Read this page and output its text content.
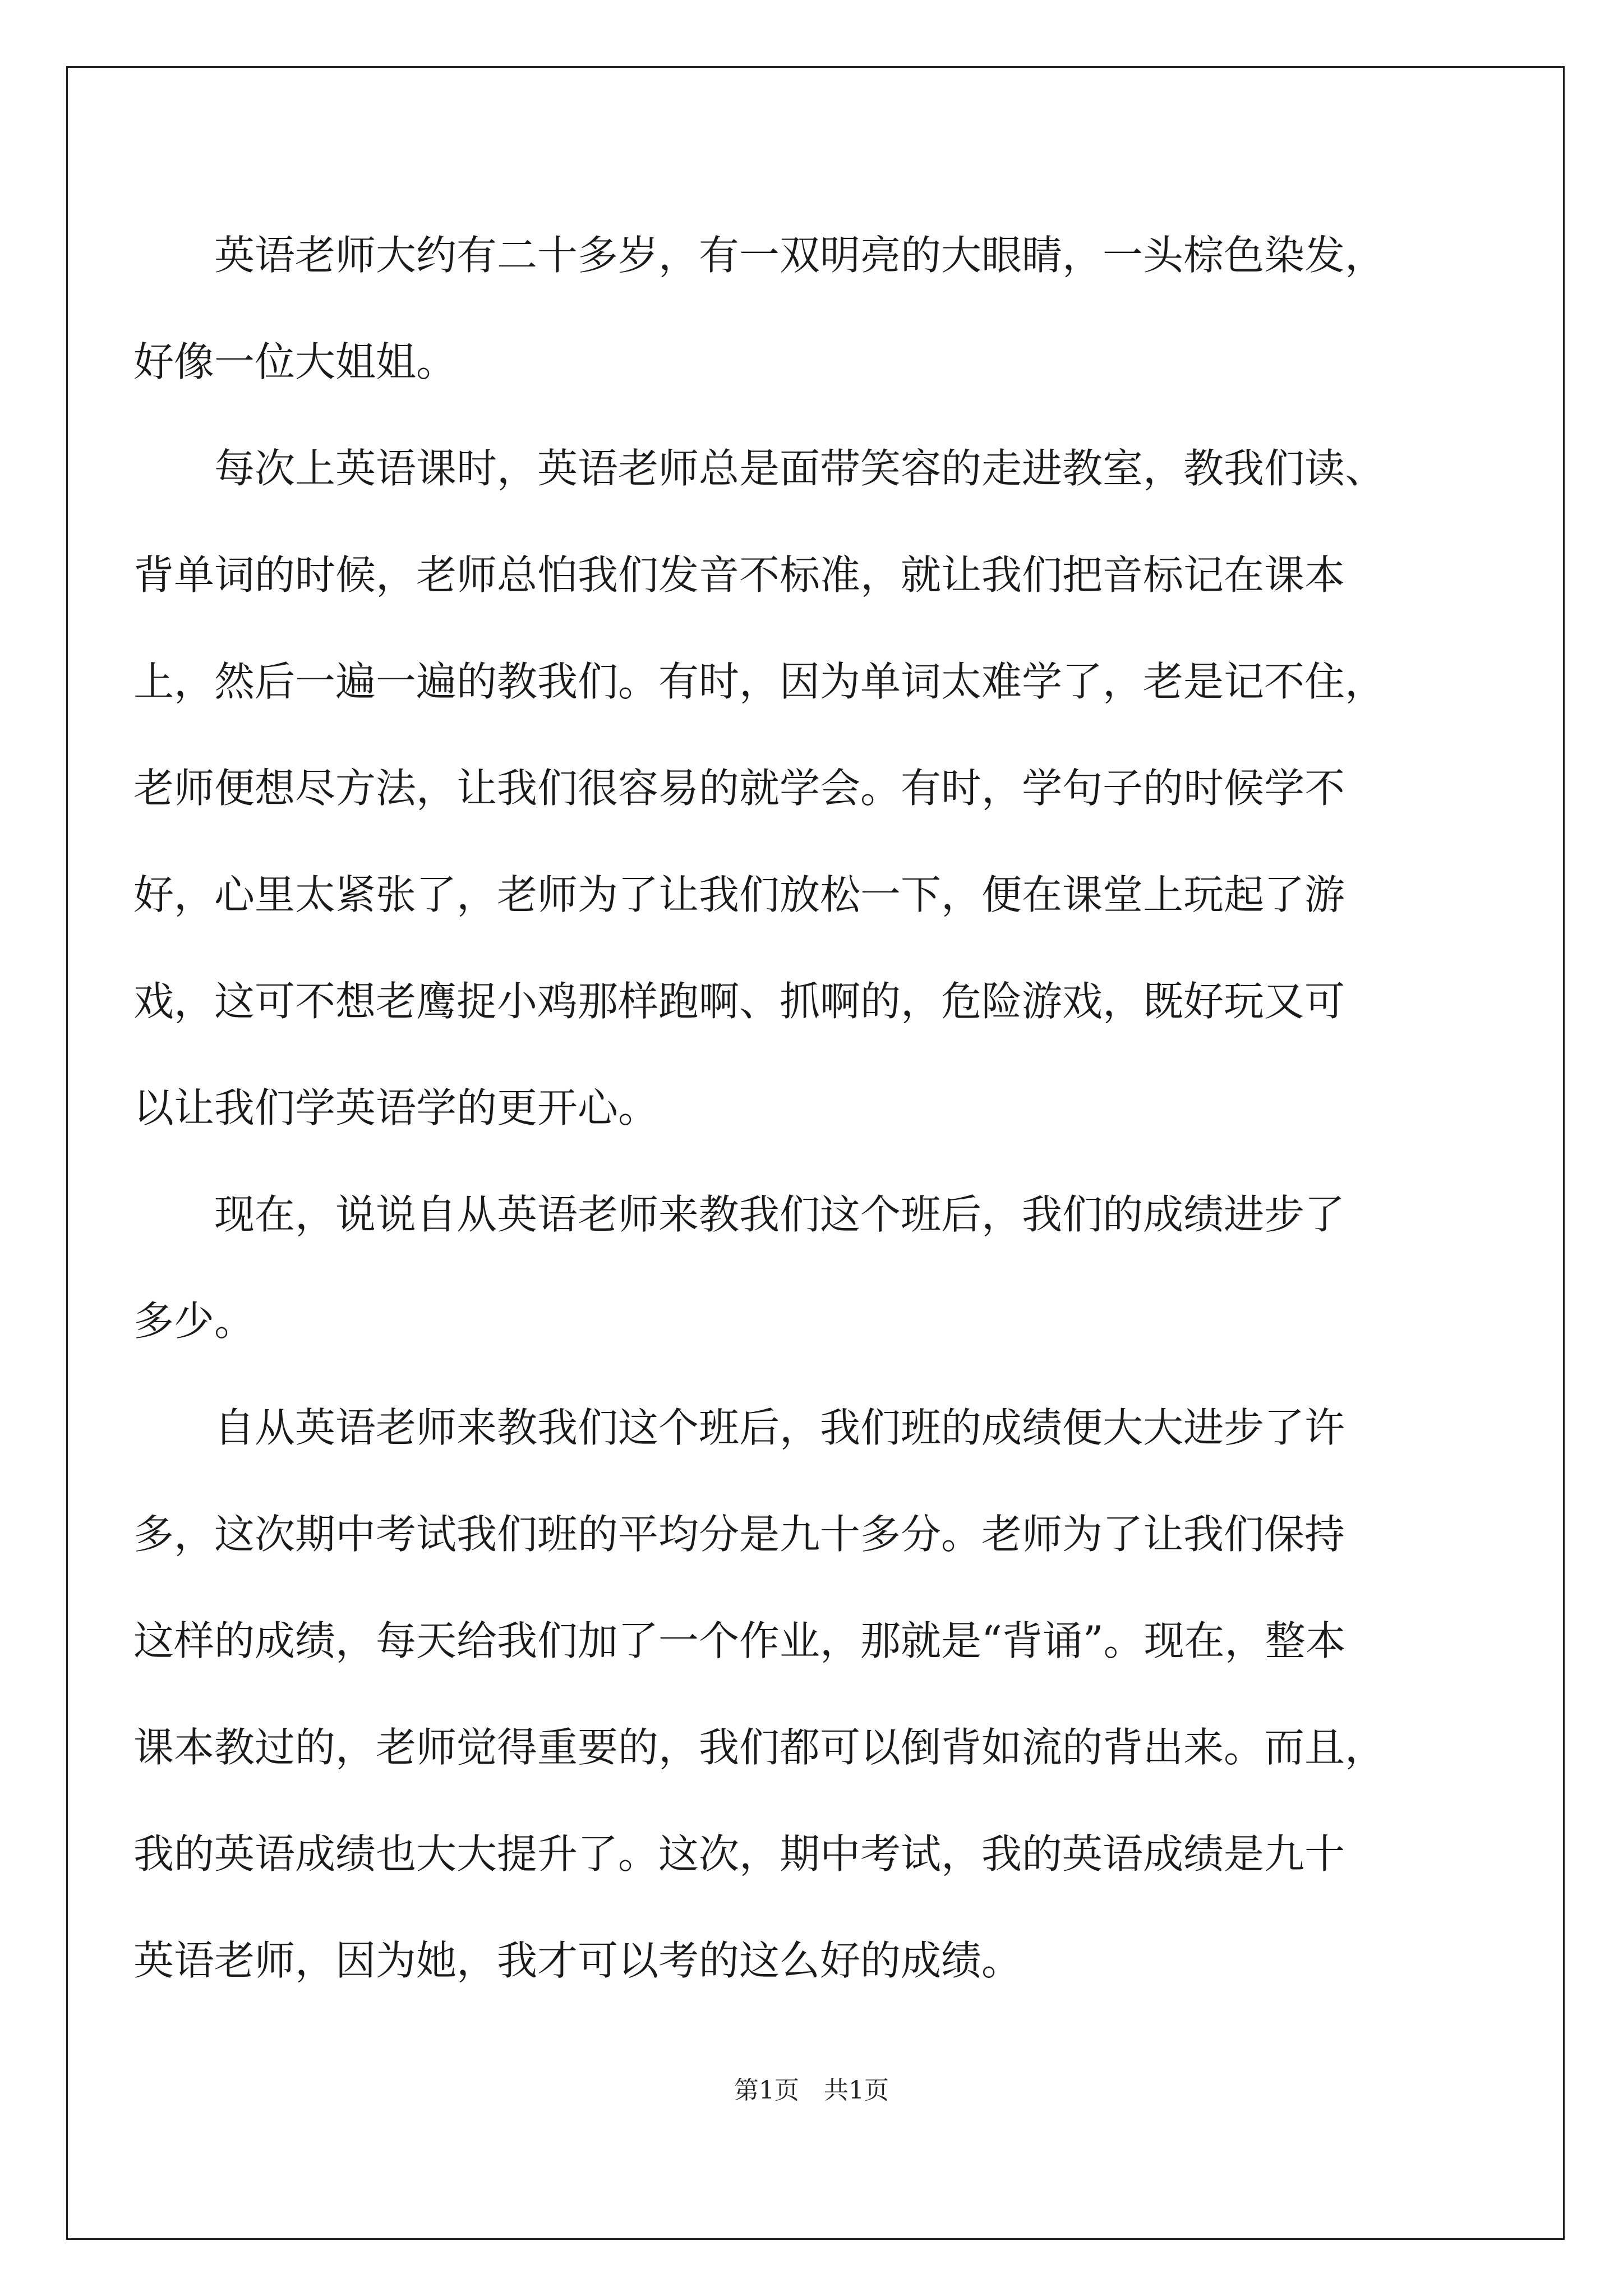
　　英语老师大约有二十多岁，有一双明亮的大眼睛，一头棕色染发，
好像一位大姐姐。
　　每次上英语课时，英语老师总是面带笑容的走进教室，教我们读、
背单词的时候，老师总怕我们发音不标准，就让我们把音标记在课本
上，然后一遍一遍的教我们。有时，因为单词太难学了，老是记不住，
老师便想尽方法，让我们很容易的就学会。有时，学句子的时候学不
好，心里太紧张了，老师为了让我们放松一下，便在课堂上玩起了游
戏，这可不想老鹰捉小鸡那样跑啊、抓啊的，危险游戏，既好玩又可
以让我们学英语学的更开心。
　　现在，说说自从英语老师来教我们这个班后，我们的成绩进步了
多少。
　　自从英语老师来教我们这个班后，我们班的成绩便大大进步了许
多，这次期中考试我们班的平均分是九十多分。老师为了让我们保持
这样的成绩，每天给我们加了一个作业，那就是“背诵”。现在，整本
课本教过的，老师觉得重要的，我们都可以倒背如流的背出来。而且，
我的英语成绩也大大提升了。这次，期中考试，我的英语成绩是九十
英语老师，因为她，我才可以考的这么好的成绩。
第1页　共1页
